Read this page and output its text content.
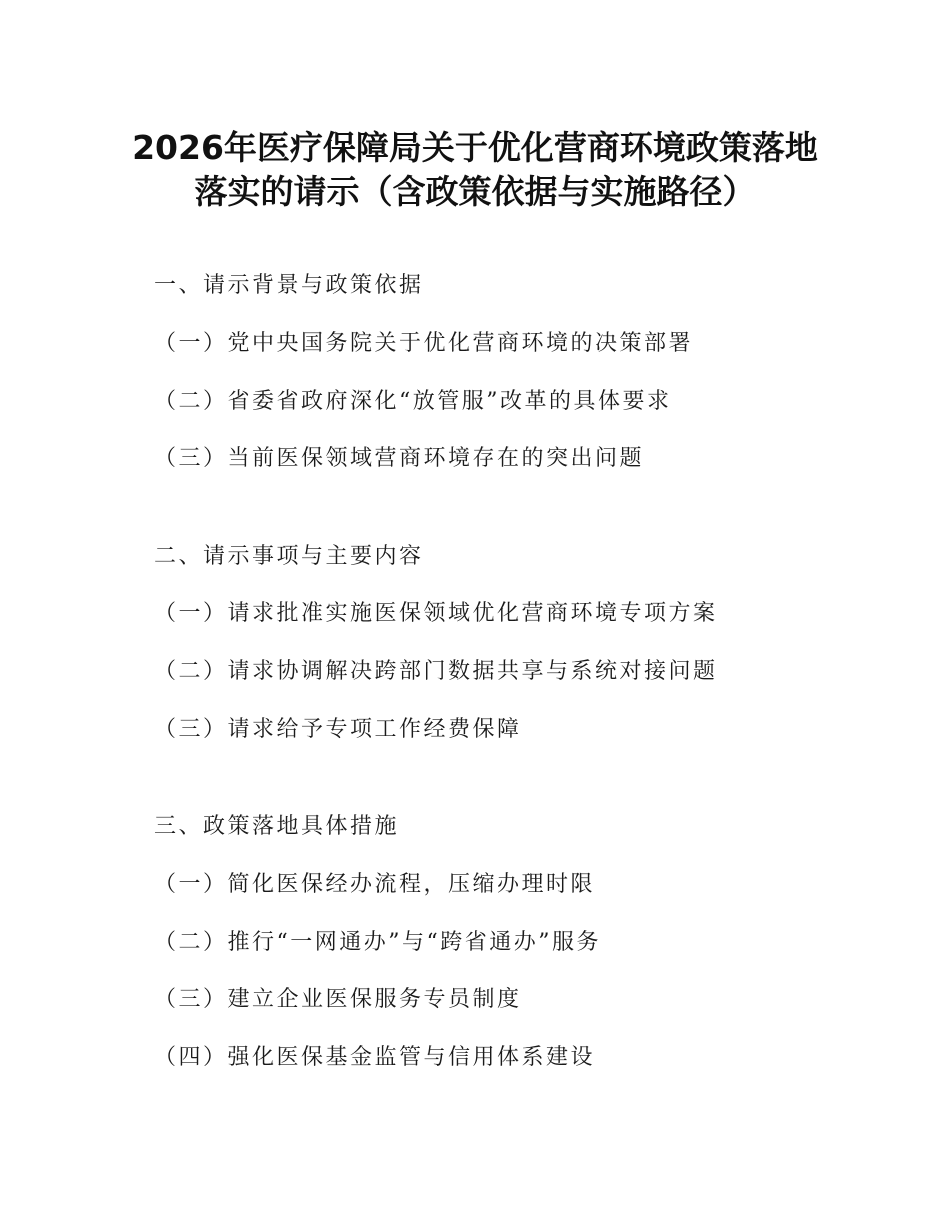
2026年医疗保障局关于优化营商环境政策落地
落实的请示（含政策依据与实施路径）
一、请示背景与政策依据
（一）党中央国务院关于优化营商环境的决策部署
（二）省委省政府深化“放管服”改革的具体要求
（三）当前医保领域营商环境存在的突出问题
二、请示事项与主要内容
（一）请求批准实施医保领域优化营商环境专项方案
（二）请求协调解决跨部门数据共享与系统对接问题
（三）请求给予专项工作经费保障
三、政策落地具体措施
（一）简化医保经办流程，压缩办理时限
（二）推行“一网通办”与“跨省通办”服务
（三）建立企业医保服务专员制度
（四）强化医保基金监管与信用体系建设
